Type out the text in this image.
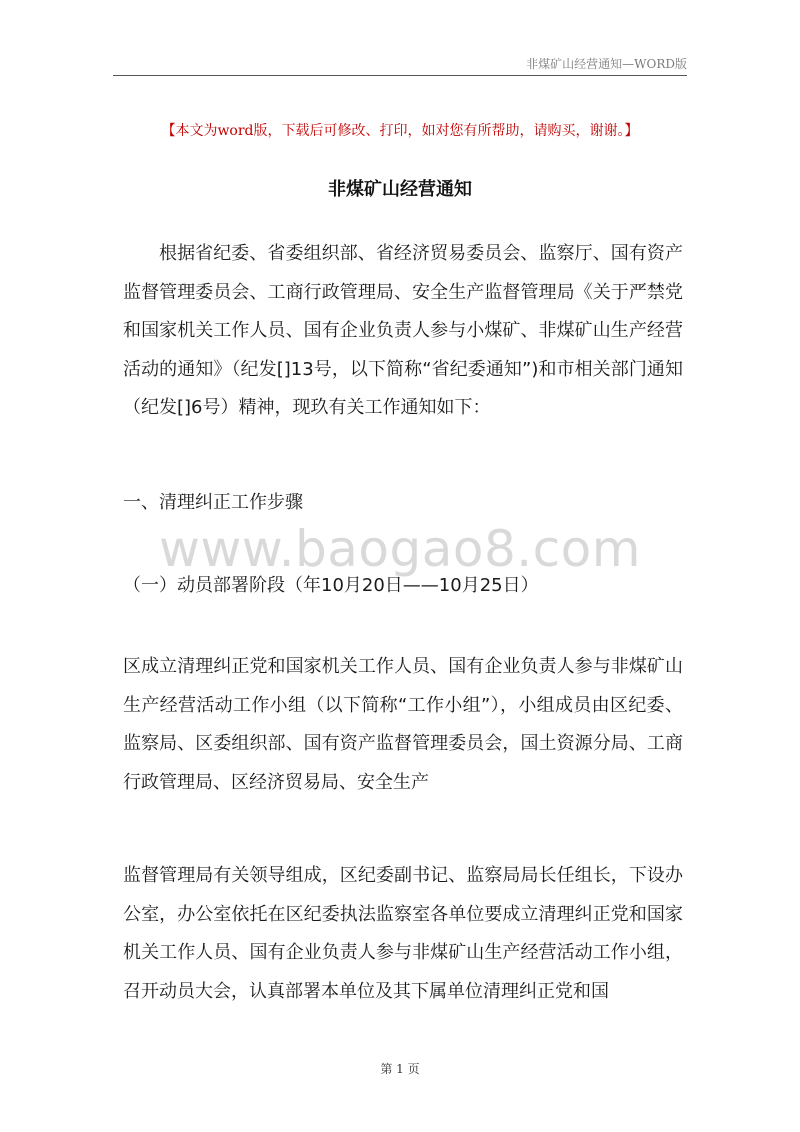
非煤矿山经营通知—WORD版
【本文为word版，下载后可修改、打印，如对您有所帮助，请购买，谢谢。】
非煤矿山经营通知

根据省纪委、省委组织部、省经济贸易委员会、监察厅、国有资产监督管理委员会、工商行政管理局、安全生产监督管理局《关于严禁党和国家机关工作人员、国有企业负责人参与小煤矿、非煤矿山生产经营活动的通知》（纪发[]13号，以下简称“省纪委通知”)和市相关部门通知（纪发[]6号）精神，现玖有关工作通知如下：

一、清理纠正工作步骤

www.baogao8.com

（一）动员部署阶段（年10月20日——10月25日）

区成立清理纠正党和国家机关工作人员、国有企业负责人参与非煤矿山生产经营活动工作小组（以下简称“工作小组”），小组成员由区纪委、监察局、区委组织部、国有资产监督管理委员会，国土资源分局、工商行政管理局、区经济贸易局、安全生产

监督管理局有关领导组成，区纪委副书记、监察局局长任组长，下设办公室，办公室依托在区纪委执法监察室各单位要成立清理纠正党和国家机关工作人员、国有企业负责人参与非煤矿山生产经营活动工作小组，召开动员大会，认真部署本单位及其下属单位清理纠正党和国

第 1 页
